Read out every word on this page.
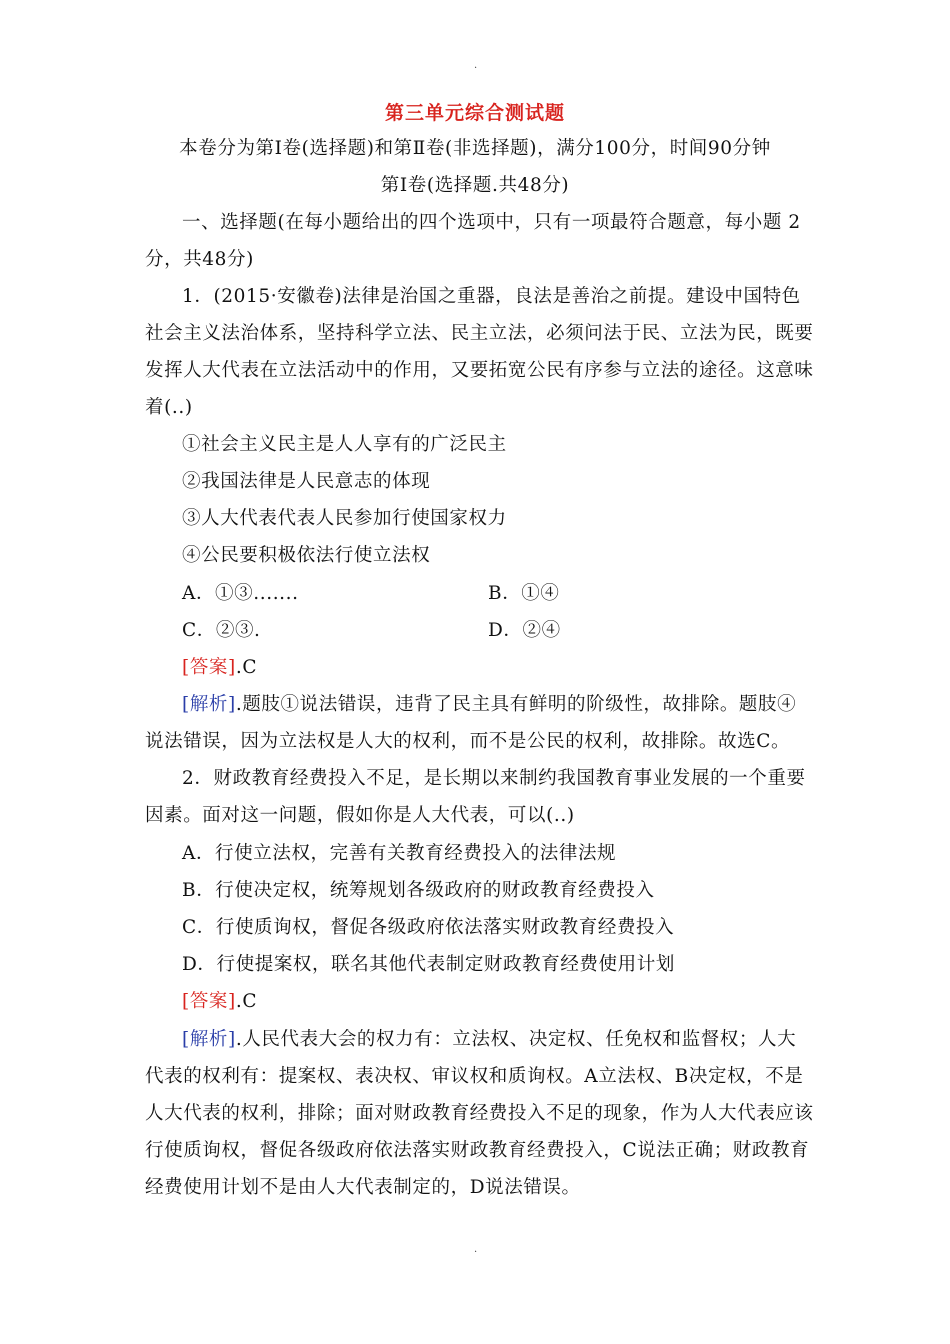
.
第三单元综合测试题
本卷分为第Ⅰ卷(选择题)和第Ⅱ卷(非选择题)，满分100分，时间90分钟
第Ⅰ卷(选择题.共48分)
一、选择题(在每小题给出的四个选项中，只有一项最符合题意，每小题 2
分，共48分)
1．(2015·安徽卷)法律是治国之重器，良法是善治之前提。建设中国特色
社会主义法治体系，坚持科学立法、民主立法，必须问法于民、立法为民，既要
发挥人大代表在立法活动中的作用，又要拓宽公民有序参与立法的途径。这意味
着(..)
①社会主义民主是人人享有的广泛民主
②我国法律是人民意志的体现
③人大代表代表人民参加行使国家权力
④公民要积极依法行使立法权
A．①③.......	B．①④
C．②③.	D．②④
[答案].C
[解析].题肢①说法错误，违背了民主具有鲜明的阶级性，故排除。题肢④
说法错误，因为立法权是人大的权利，而不是公民的权利，故排除。故选C。
2．财政教育经费投入不足，是长期以来制约我国教育事业发展的一个重要
因素。面对这一问题，假如你是人大代表，可以(..)
A．行使立法权，完善有关教育经费投入的法律法规
B．行使决定权，统筹规划各级政府的财政教育经费投入
C．行使质询权，督促各级政府依法落实财政教育经费投入
D．行使提案权，联名其他代表制定财政教育经费使用计划
[答案].C
[解析].人民代表大会的权力有：立法权、决定权、任免权和监督权；人大
代表的权利有：提案权、表决权、审议权和质询权。A立法权、B决定权，不是
人大代表的权利，排除；面对财政教育经费投入不足的现象，作为人大代表应该
行使质询权，督促各级政府依法落实财政教育经费投入，C说法正确；财政教育
经费使用计划不是由人大代表制定的，D说法错误。
.
